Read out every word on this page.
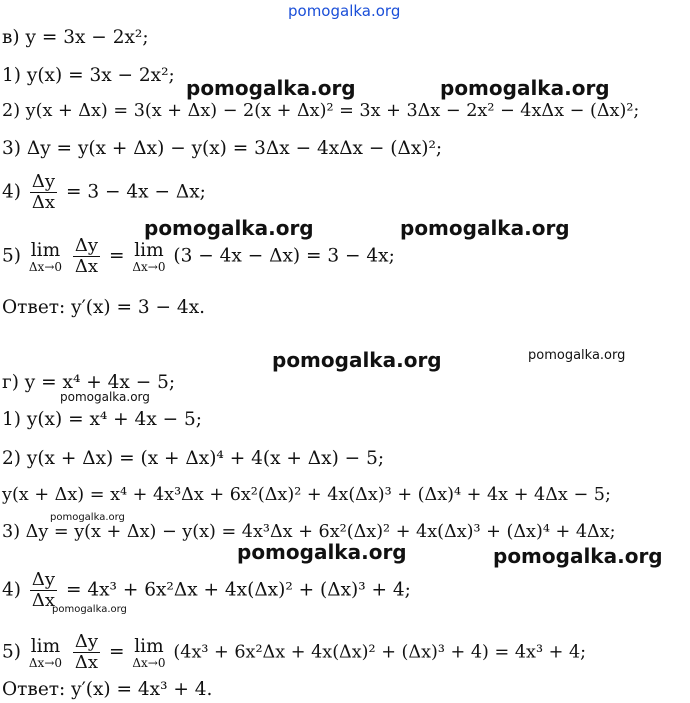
pomogalka.org
pomogalka.org	pomogalka.org
pomogalka.org	pomogalka.org
pomogalka.org	pomogalka.org
pomogalka.org
pomogalka.org
pomogalka.org	pomogalka.org
pomogalka.org
в) y = 3x − 2x²;
1) y(x) = 3x − 2x²;
2) y(x + Δx) = 3(x + Δx) − 2(x + Δx)² = 3x + 3Δx − 2x² − 4xΔx − (Δx)²;
3) Δy = y(x + Δx) − y(x) = 3Δx − 4xΔx − (Δx)²;
$4) \frac{\Delta y}{\Delta x} = 3 - 4x - \Delta x$;
5) lim
Δx→0
$\frac{\Delta y}{\Delta x} = \lim$
Δx→0 (3 − 4x − Δx) = 3 − 4x;
Ответ: y′(x) = 3 − 4x.
г) y = x⁴ + 4x − 5;
1) y(x) = x⁴ + 4x − 5;
2) y(x + Δx) = (x + Δx)⁴ + 4(x + Δx) − 5;
y(x + Δx) = x⁴ + 4x³Δx + 6x²(Δx)² + 4x(Δx)³ + (Δx)⁴ + 4x + 4Δx − 5;
3) Δy = y(x + Δx) − y(x) = 4x³Δx + 6x²(Δx)² + 4x(Δx)³ + (Δx)⁴ + 4Δx;
$4) \frac{\Delta y}{\Delta x} = 4x^3 + 6x^2\Delta x + 4x(\Delta x)^2 + (\Delta x)^3 + 4$;
5) lim
Δx→0
$\frac{\Delta y}{\Delta x} = \lim$
Δx→0 (4x³ + 6x²Δx + 4x(Δx)² + (Δx)³ + 4) = 4x³ + 4;
Ответ: y′(x) = 4x³ + 4.
